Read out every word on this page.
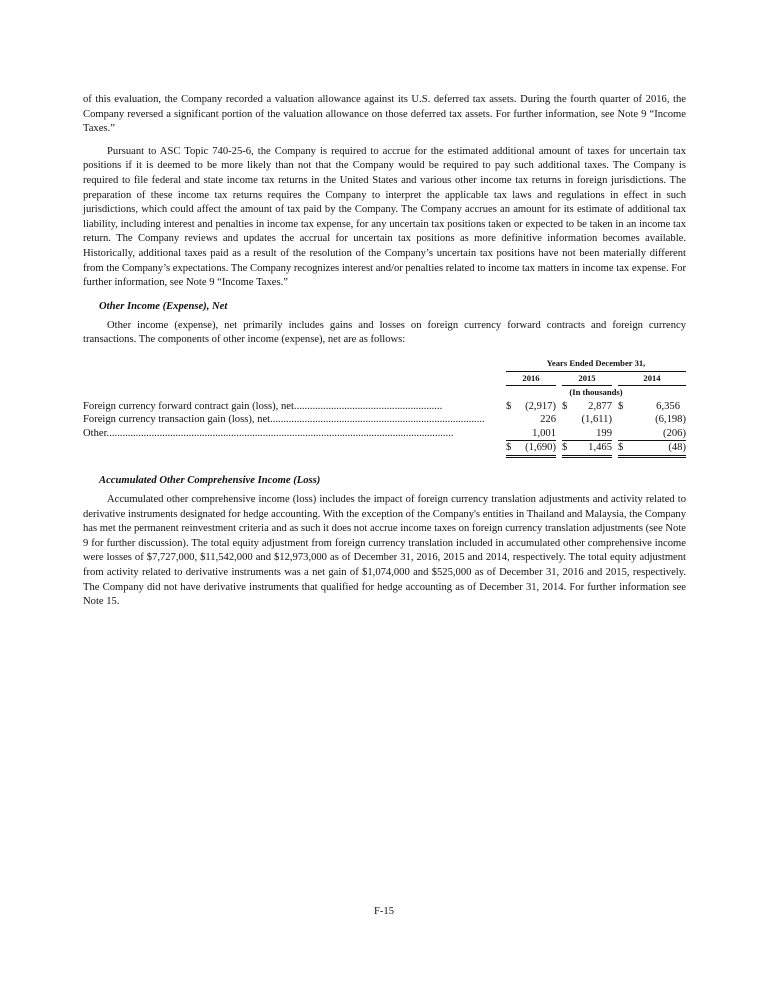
of this evaluation, the Company recorded a valuation allowance against its U.S. deferred tax assets. During the fourth quarter of 2016, the Company reversed a significant portion of the valuation allowance on those deferred tax assets. For further information, see Note 9 “Income Taxes.”

Pursuant to ASC Topic 740-25-6, the Company is required to accrue for the estimated additional amount of taxes for uncertain tax positions if it is deemed to be more likely than not that the Company would be required to pay such additional taxes. The Company is required to file federal and state income tax returns in the United States and various other income tax returns in foreign jurisdictions. The preparation of these income tax returns requires the Company to interpret the applicable tax laws and regulations in effect in such jurisdictions, which could affect the amount of tax paid by the Company. The Company accrues an amount for its estimate of additional tax liability, including interest and penalties in income tax expense, for any uncertain tax positions taken or expected to be taken in an income tax return. The Company reviews and updates the accrual for uncertain tax positions as more definitive information becomes available. Historically, additional taxes paid as a result of the resolution of the Company’s uncertain tax positions have not been materially different from the Company’s expectations. The Company recognizes interest and/or penalties related to income tax matters in income tax expense. For further information, see Note 9 “Income Taxes.”

Other Income (Expense), Net

Other income (expense), net primarily includes gains and losses on foreign currency forward contracts and foreign currency transactions. The components of other income (expense), net are as follows:

	Years Ended December 31,							
	2016			2015			2014	
	(In thousands)							
Foreign currency forward contract gain (loss), net........................................................	$	(2,917)		$	2,877		$	6,356
Foreign currency transaction gain (loss), net.................................................................................		226			(1,611)			(6,198)
Other...................................................................................................................................		1,001			199			(206)
	$	(1,690)		$	1,465		$	(48)
Accumulated Other Comprehensive Income (Loss)

Accumulated other comprehensive income (loss) includes the impact of foreign currency translation adjustments and activity related to derivative instruments designated for hedge accounting. With the exception of the Company's entities in Thailand and Malaysia, the Company has met the permanent reinvestment criteria and as such it does not accrue income taxes on foreign currency translation adjustments (see Note 9 for further discussion). The total equity adjustment from foreign currency translation included in accumulated other comprehensive income were losses of $7,727,000, $11,542,000 and $12,973,000 as of December 31, 2016, 2015 and 2014, respectively. The total equity adjustment from activity related to derivative instruments was a net gain of $1,074,000 and $525,000 as of December 31, 2016 and 2015, respectively. The Company did not have derivative instruments that qualified for hedge accounting as of December 31, 2014. For further information see Note 15.

F-15
